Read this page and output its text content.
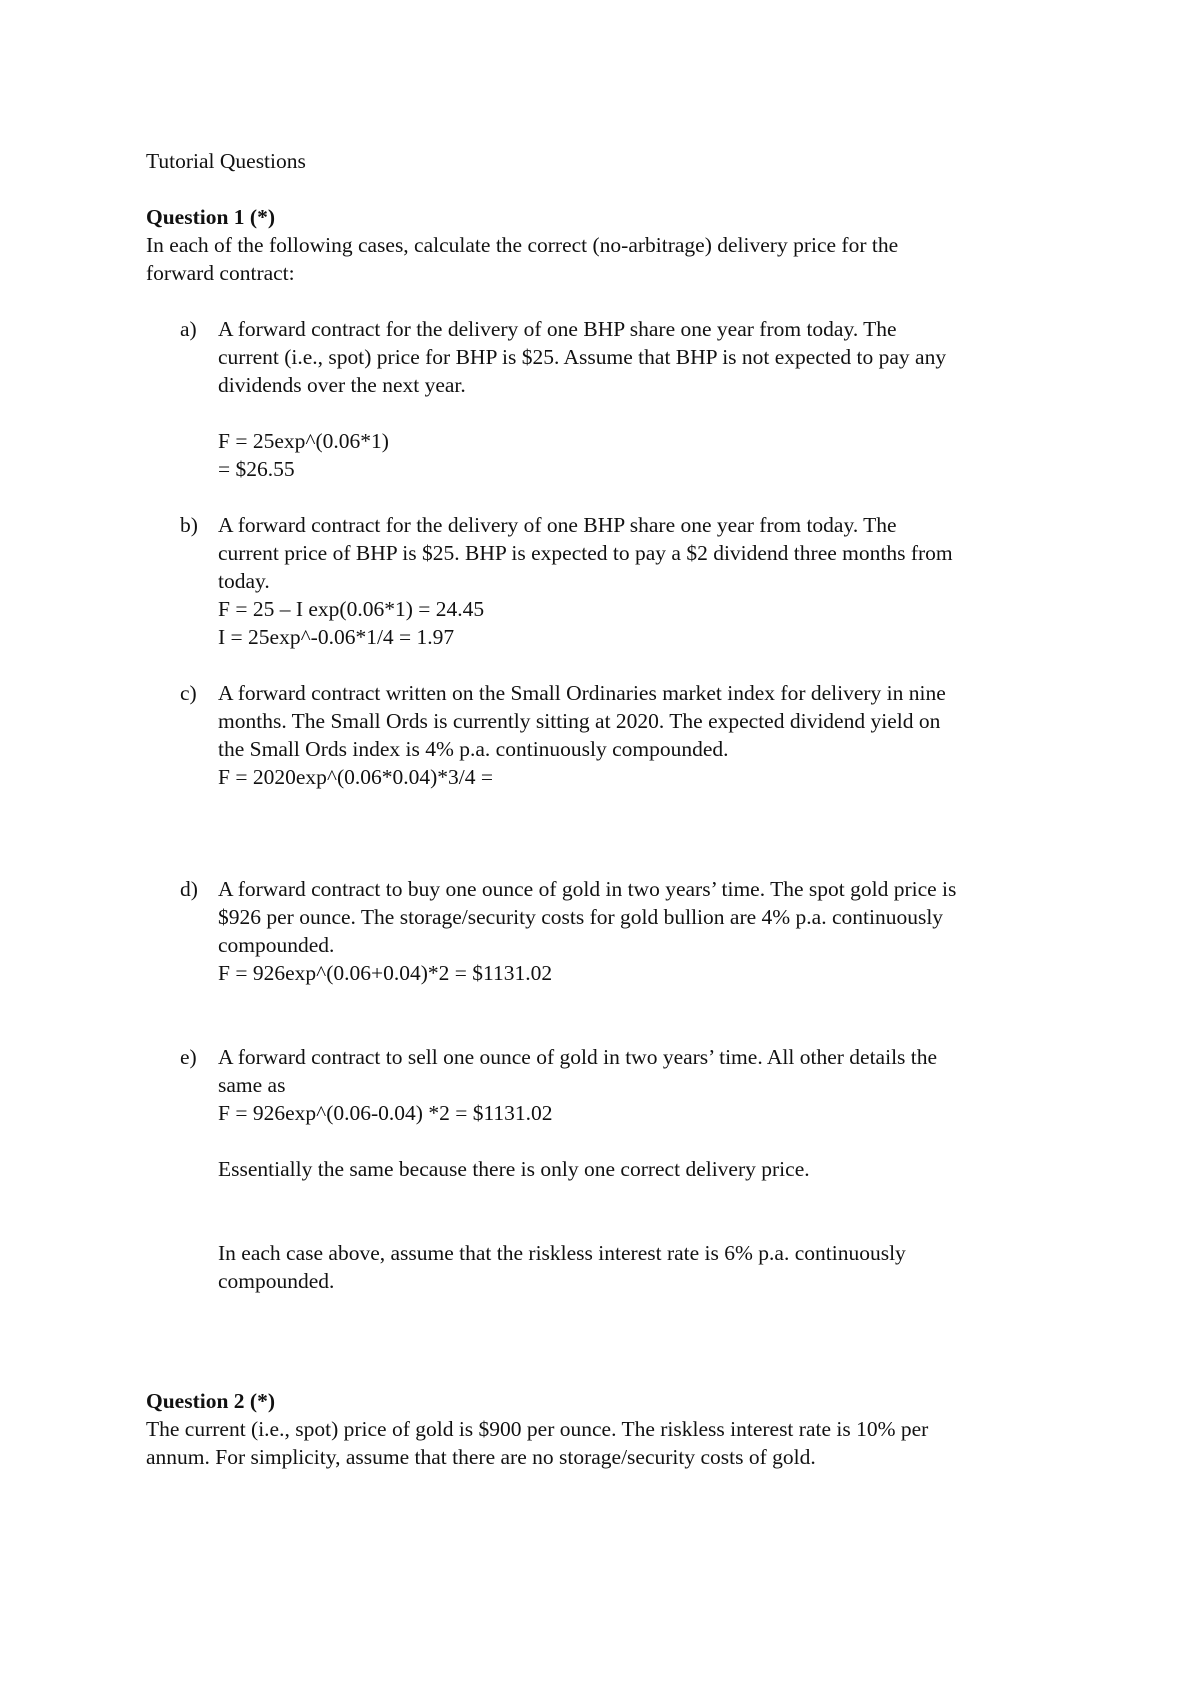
Tutorial Questions
Question 1 (*)
In each of the following cases, calculate the correct (no-arbitrage) delivery price for the
forward contract:
a) A forward contract for the delivery of one BHP share one year from today. The
current (i.e., spot) price for BHP is $25. Assume that BHP is not expected to pay any
dividends over the next year.
F = 25exp^(0.06*1)
= $26.55
b) A forward contract for the delivery of one BHP share one year from today. The
current price of BHP is $25. BHP is expected to pay a $2 dividend three months from
today.
F = 25 – I exp(0.06*1) = 24.45
I = 25exp^-0.06*1/4 = 1.97
c) A forward contract written on the Small Ordinaries market index for delivery in nine
months. The Small Ords is currently sitting at 2020. The expected dividend yield on
the Small Ords index is 4% p.a. continuously compounded.
F = 2020exp^(0.06*0.04)*3/4 =
d) A forward contract to buy one ounce of gold in two years’ time. The spot gold price is
$926 per ounce. The storage/security costs for gold bullion are 4% p.a. continuously
compounded.
F = 926exp^(0.06+0.04)*2 = $1131.02
e) A forward contract to sell one ounce of gold in two years’ time. All other details the
same as
F = 926exp^(0.06-0.04) *2 = $1131.02
Essentially the same because there is only one correct delivery price.
In each case above, assume that the riskless interest rate is 6% p.a. continuously
compounded.
Question 2 (*)
The current (i.e., spot) price of gold is $900 per ounce. The riskless interest rate is 10% per
annum. For simplicity, assume that there are no storage/security costs of gold.
